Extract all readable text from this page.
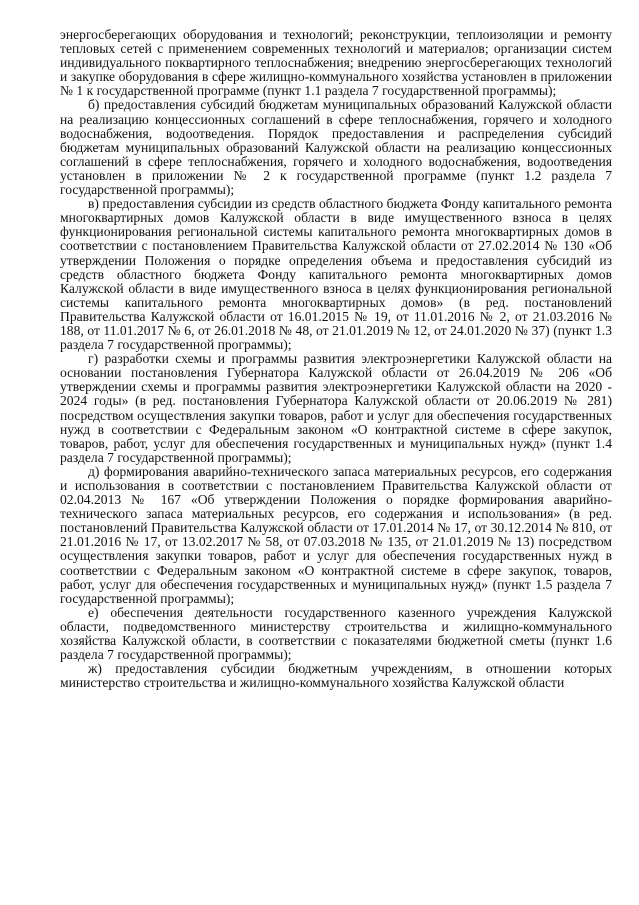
энергосберегающих оборудования и технологий; реконструкции, теплоизоляции и ремонту тепловых сетей с применением современных технологий и материалов; организации систем индивидуального поквартирного теплоснабжения; внедрению энергосберегающих технологий и закупке оборудования в сфере жилищно-коммунального хозяйства установлен в приложении № 1 к государственной программе (пункт 1.1 раздела 7 государственной программы);

б) предоставления субсидий бюджетам муниципальных образований Калужской области на реализацию концессионных соглашений в сфере теплоснабжения, горячего и холодного водоснабжения, водоотведения. Порядок предоставления и распределения субсидий бюджетам муниципальных образований Калужской области на реализацию концессионных соглашений в сфере теплоснабжения, горячего и холодного водоснабжения, водоотведения установлен в приложении № 2 к государственной программе (пункт 1.2 раздела 7 государственной программы);

в) предоставления субсидии из средств областного бюджета Фонду капитального ремонта многоквартирных домов Калужской области в виде имущественного взноса в целях функционирования региональной системы капитального ремонта многоквартирных домов в соответствии с постановлением Правительства Калужской области от 27.02.2014 № 130 «Об утверждении Положения о порядке определения объема и предоставления субсидий из средств областного бюджета Фонду капитального ремонта многоквартирных домов Калужской области в виде имущественного взноса в целях функционирования региональной системы капитального ремонта многоквартирных домов» (в ред. постановлений Правительства Калужской области от 16.01.2015 № 19, от 11.01.2016 № 2, от 21.03.2016 № 188, от 11.01.2017 № 6, от 26.01.2018 № 48, от 21.01.2019 № 12, от 24.01.2020 № 37) (пункт 1.3 раздела 7 государственной программы);

г) разработки схемы и программы развития электроэнергетики Калужской области на основании постановления Губернатора Калужской области от 26.04.2019 № 206 «Об утверждении схемы и программы развития электроэнергетики Калужской области на 2020 - 2024 годы» (в ред. постановления Губернатора Калужской области от 20.06.2019 № 281) посредством осуществления закупки товаров, работ и услуг для обеспечения государственных нужд в соответствии с Федеральным законом «О контрактной системе в сфере закупок, товаров, работ, услуг для обеспечения государственных и муниципальных нужд» (пункт 1.4 раздела 7 государственной программы);

д) формирования аварийно-технического запаса материальных ресурсов, его содержания и использования в соответствии с постановлением Правительства Калужской области от 02.04.2013 № 167 «Об утверждении Положения о порядке формирования аварийно-технического запаса материальных ресурсов, его содержания и использования» (в ред. постановлений Правительства Калужской области от 17.01.2014 № 17, от 30.12.2014 № 810, от 21.01.2016 № 17, от 13.02.2017 № 58, от 07.03.2018 № 135, от 21.01.2019 № 13) посредством осуществления закупки товаров, работ и услуг для обеспечения государственных нужд в соответствии с Федеральным законом «О контрактной системе в сфере закупок, товаров, работ, услуг для обеспечения государственных и муниципальных нужд» (пункт 1.5 раздела 7 государственной программы);

е) обеспечения деятельности государственного казенного учреждения Калужской области, подведомственного министерству строительства и жилищно-коммунального хозяйства Калужской области, в соответствии с показателями бюджетной сметы (пункт 1.6 раздела 7 государственной программы);

ж) предоставления субсидии бюджетным учреждениям, в отношении которых министерство строительства и жилищно-коммунального хозяйства Калужской области
